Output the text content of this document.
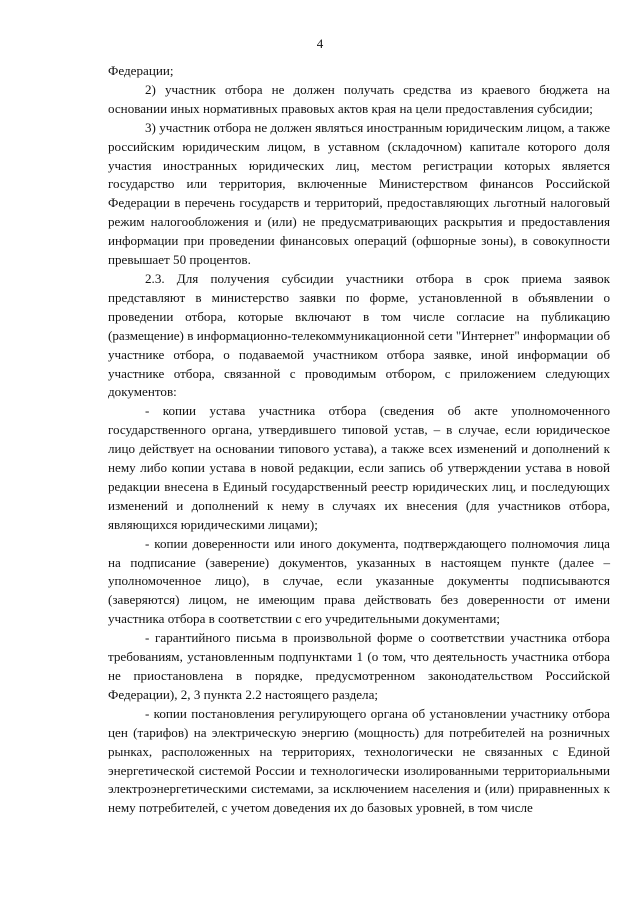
4

Федерации;

2) участник отбора не должен получать средства из краевого бюджета на основании иных нормативных правовых актов края на цели предоставления субсидии;

3) участник отбора не должен являться иностранным юридическим лицом, а также российским юридическим лицом, в уставном (складочном) капитале которого доля участия иностранных юридических лиц, местом регистрации которых является государство или территория, включенные Министерством финансов Российской Федерации в перечень государств и территорий, предоставляющих льготный налоговый режим налогообложения и (или) не предусматривающих раскрытия и предоставления информации при проведении финансовых операций (офшорные зоны), в совокупности превышает 50 процентов.

2.3. Для получения субсидии участники отбора в срок приема заявок представляют в министерство заявки по форме, установленной в объявлении о проведении отбора, которые включают в том числе согласие на публикацию (размещение) в информационно-телекоммуникационной сети "Интернет" информации об участнике отбора, о подаваемой участником отбора заявке, иной информации об участнике отбора, связанной с проводимым отбором, с приложением следующих документов:

- копии устава участника отбора (сведения об акте уполномоченного государственного органа, утвердившего типовой устав, – в случае, если юридическое лицо действует на основании типового устава), а также всех изменений и дополнений к нему либо копии устава в новой редакции, если запись об утверждении устава в новой редакции внесена в Единый государственный реестр юридических лиц, и последующих изменений и дополнений к нему в случаях их внесения (для участников отбора, являющихся юридическими лицами);

- копии доверенности или иного документа, подтверждающего полномочия лица на подписание (заверение) документов, указанных в настоящем пункте (далее – уполномоченное лицо), в случае, если указанные документы подписываются (заверяются) лицом, не имеющим права действовать без доверенности от имени участника отбора в соответствии с его учредительными документами;

- гарантийного письма в произвольной форме о соответствии участника отбора требованиям, установленным подпунктами 1 (о том, что деятельность участника отбора не приостановлена в порядке, предусмотренном законодательством Российской Федерации), 2, 3 пункта 2.2 настоящего раздела;

- копии постановления регулирующего органа об установлении участнику отбора цен (тарифов) на электрическую энергию (мощность) для потребителей на розничных рынках, расположенных на территориях, технологически не связанных с Единой энергетической системой России и технологически изолированными территориальными электроэнергетическими системами, за исключением населения и (или) приравненных к нему потребителей, с учетом доведения их до базовых уровней, в том числе
